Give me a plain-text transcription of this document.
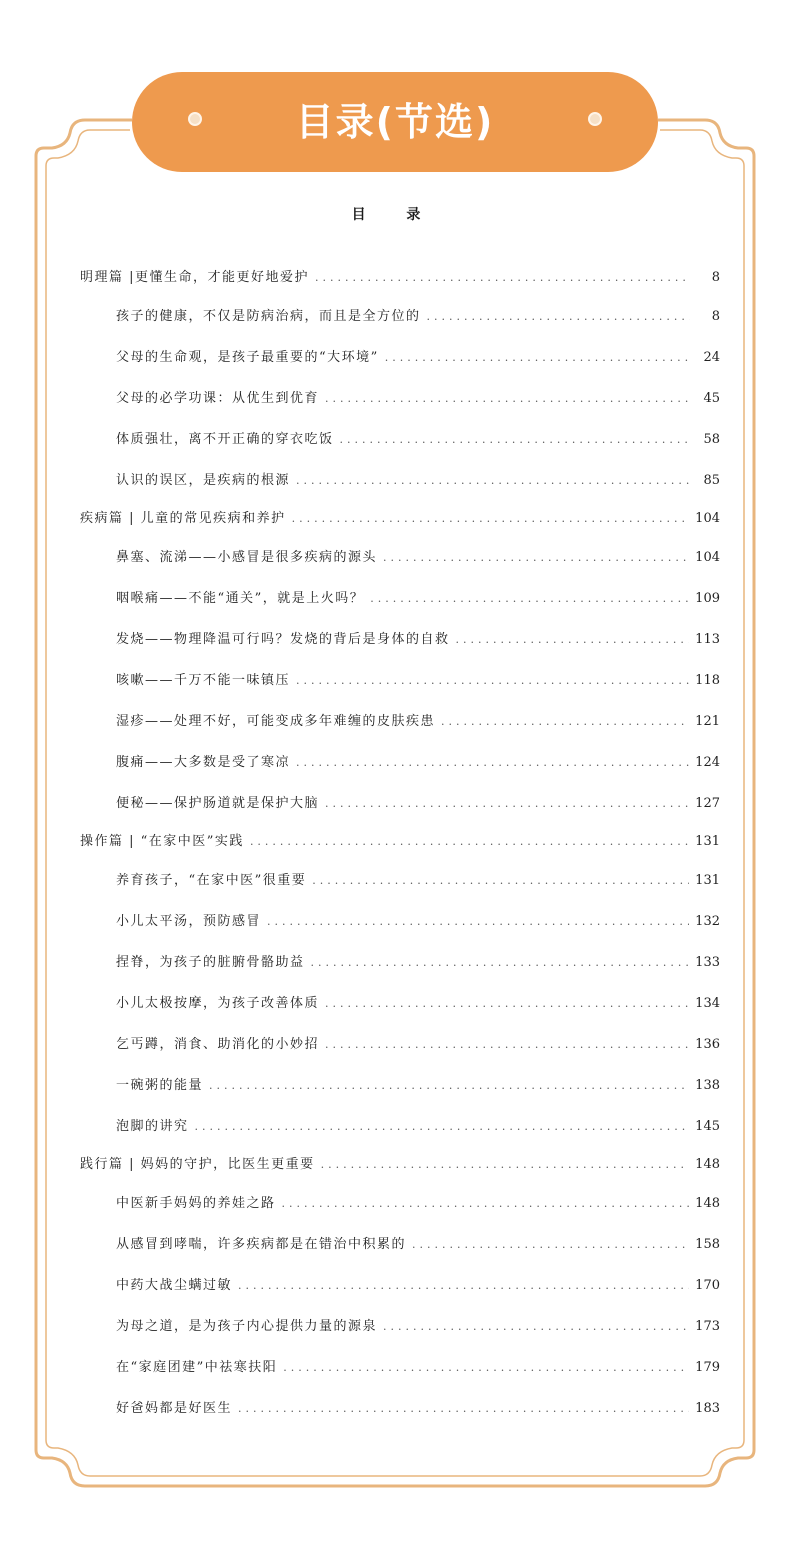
目录(节选)
目 录
明理篇 |更懂生命，才能更好地爱护 .....	8
孩子的健康，不仅是防病治病，而且是全方位的 .....	8
父母的生命观，是孩子最重要的“大环境” .....	24
父母的必学功课：从优生到优育 .....	45
体质强壮，离不开正确的穿衣吃饭 .....	58
认识的误区，是疾病的根源 .....	85
疾病篇 | 儿童的常见疾病和养护 .....	104
鼻塞、流涕——小感冒是很多疾病的源头 .....	104
咽喉痛——不能“通关”，就是上火吗？ .....	109
发烧——物理降温可行吗？发烧的背后是身体的自救 .....	113
咳嗽——千万不能一味镇压 .....	118
湿疹——处理不好，可能变成多年难缠的皮肤疾患 .....	121
腹痛——大多数是受了寒凉 .....	124
便秘——保护肠道就是保护大脑 .....	127
操作篇 | “在家中医”实践 .....	131
养育孩子，“在家中医”很重要 .....	131
小儿太平汤，预防感冒 .....	132
捏脊，为孩子的脏腑骨骼助益 .....	133
小儿太极按摩，为孩子改善体质 .....	134
乞丐蹲，消食、助消化的小妙招 .....	136
一碗粥的能量 .....	138
泡脚的讲究 .....	145
践行篇 | 妈妈的守护，比医生更重要 .....	148
中医新手妈妈的养娃之路 .....	148
从感冒到哮喘，许多疾病都是在错治中积累的 .....	158
中药大战尘螨过敏 .....	170
为母之道，是为孩子内心提供力量的源泉 .....	173
在“家庭团建”中祛寒扶阳 .....	179
好爸妈都是好医生 .....	183
